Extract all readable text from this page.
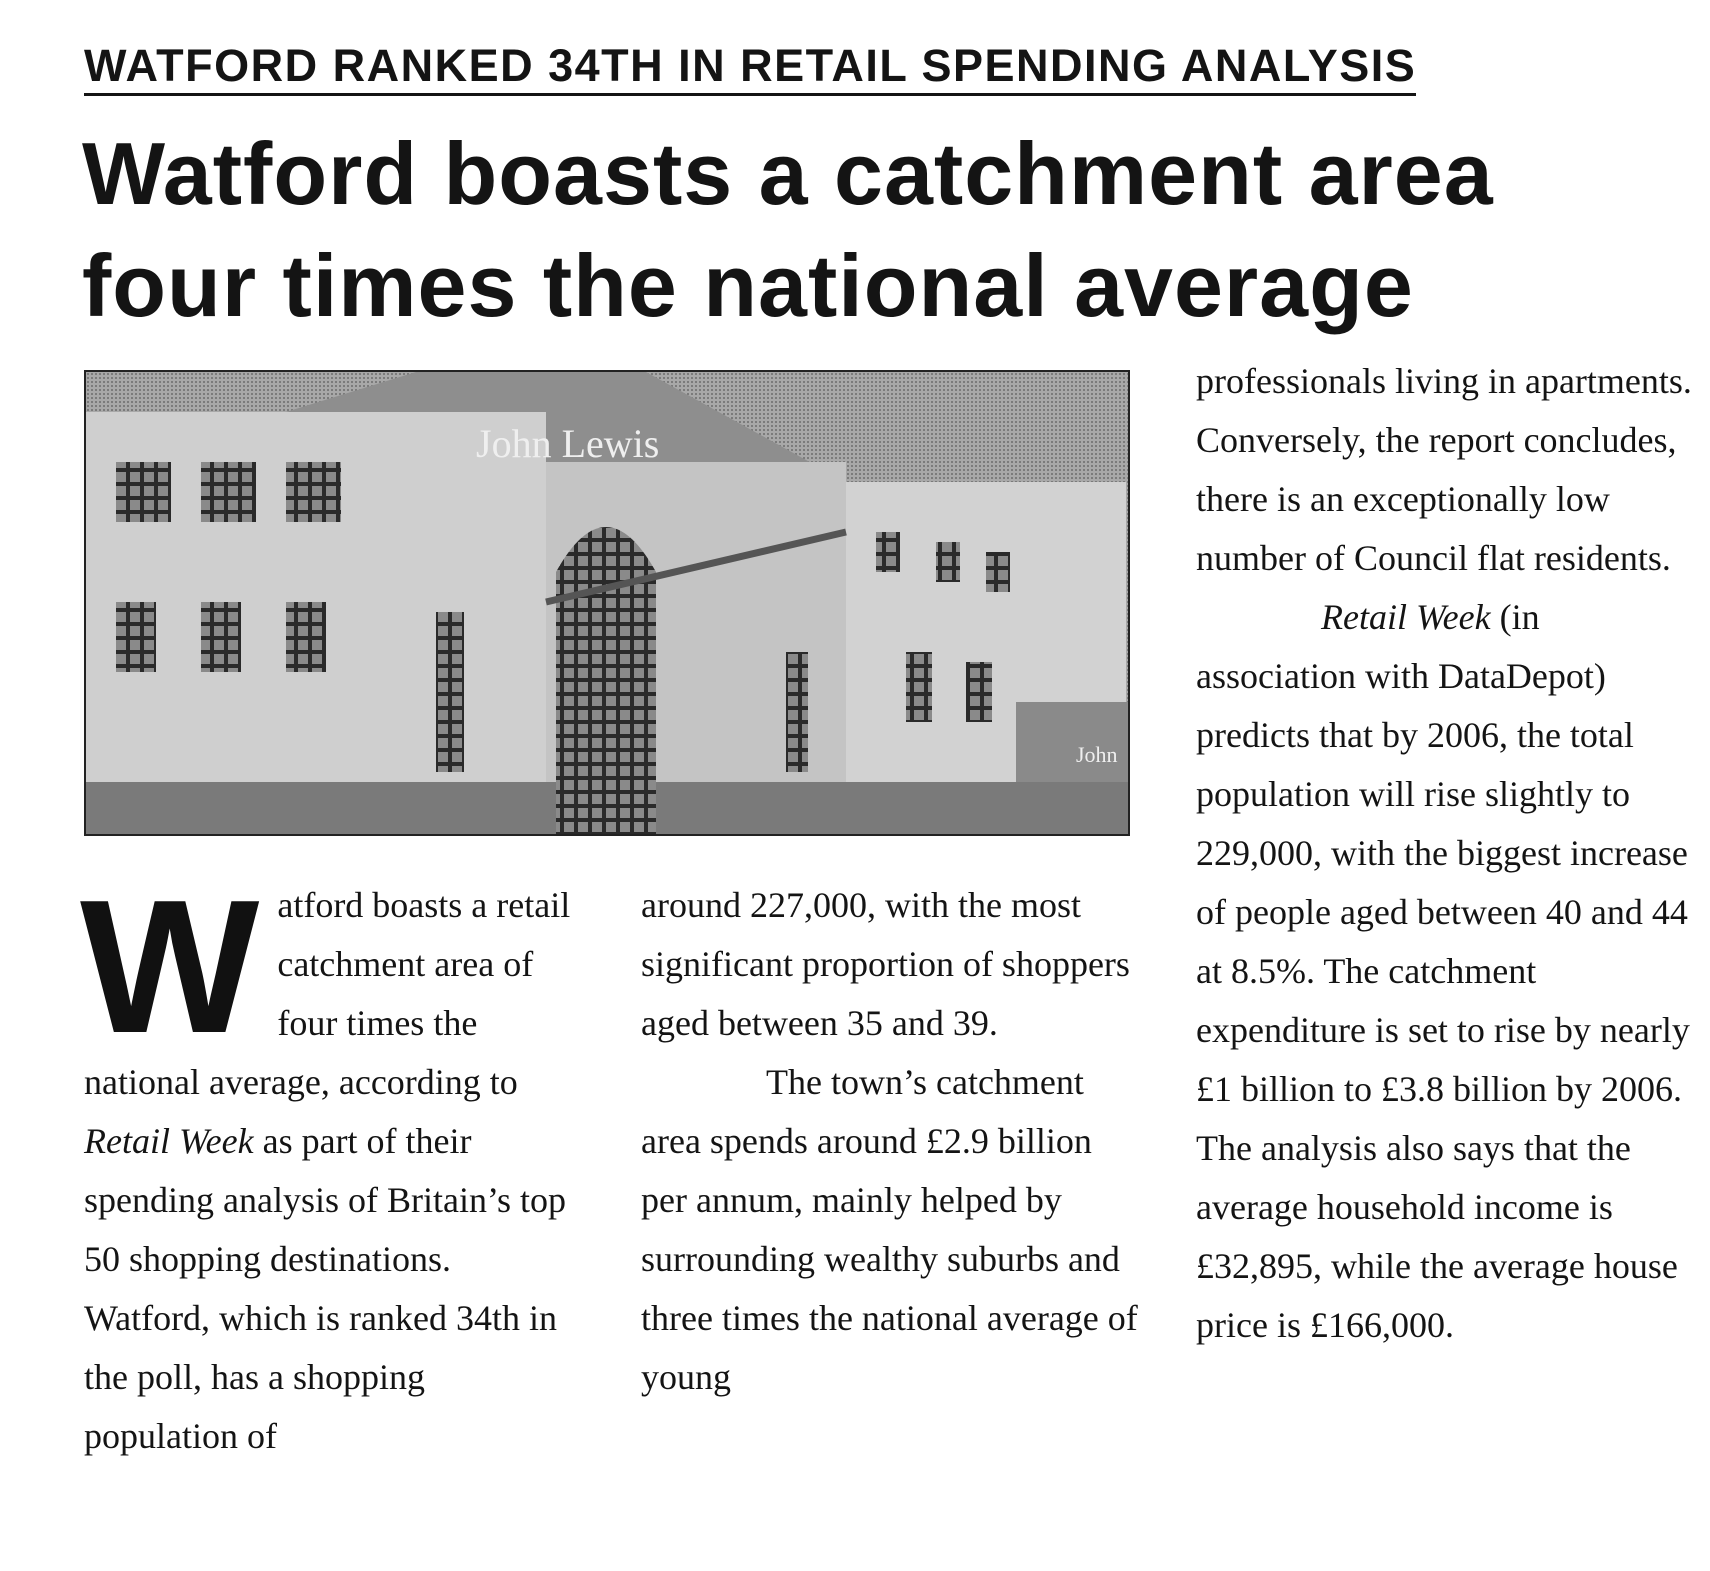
WATFORD RANKED 34TH IN RETAIL SPENDING ANALYSIS
Watford boasts a catchment area
four times the national average
John Lewis
John
W atford boasts a retail catchment area of four times the national average, according to Retail Week as part of their spending analysis of Britain’s top 50 shopping destinations. Watford, which is ranked 34th in the poll, has a shopping population of

around 227,000, with the most significant proportion of shoppers aged between 35 and 39.

The town’s catchment area spends around £2.9 billion per annum, mainly helped by surrounding wealthy suburbs and three times the national average of young

professionals living in apartments. Conversely, the report concludes, there is an exceptionally low number of Council flat residents.

Retail Week (in association with DataDepot) predicts that by 2006, the total population will rise slightly to 229,000, with the biggest increase of people aged between 40 and 44 at 8.5%. The catchment expenditure is set to rise by nearly £1 billion to £3.8 billion by 2006. The analysis also says that the average household income is £32,895, while the average house price is £166,000.
